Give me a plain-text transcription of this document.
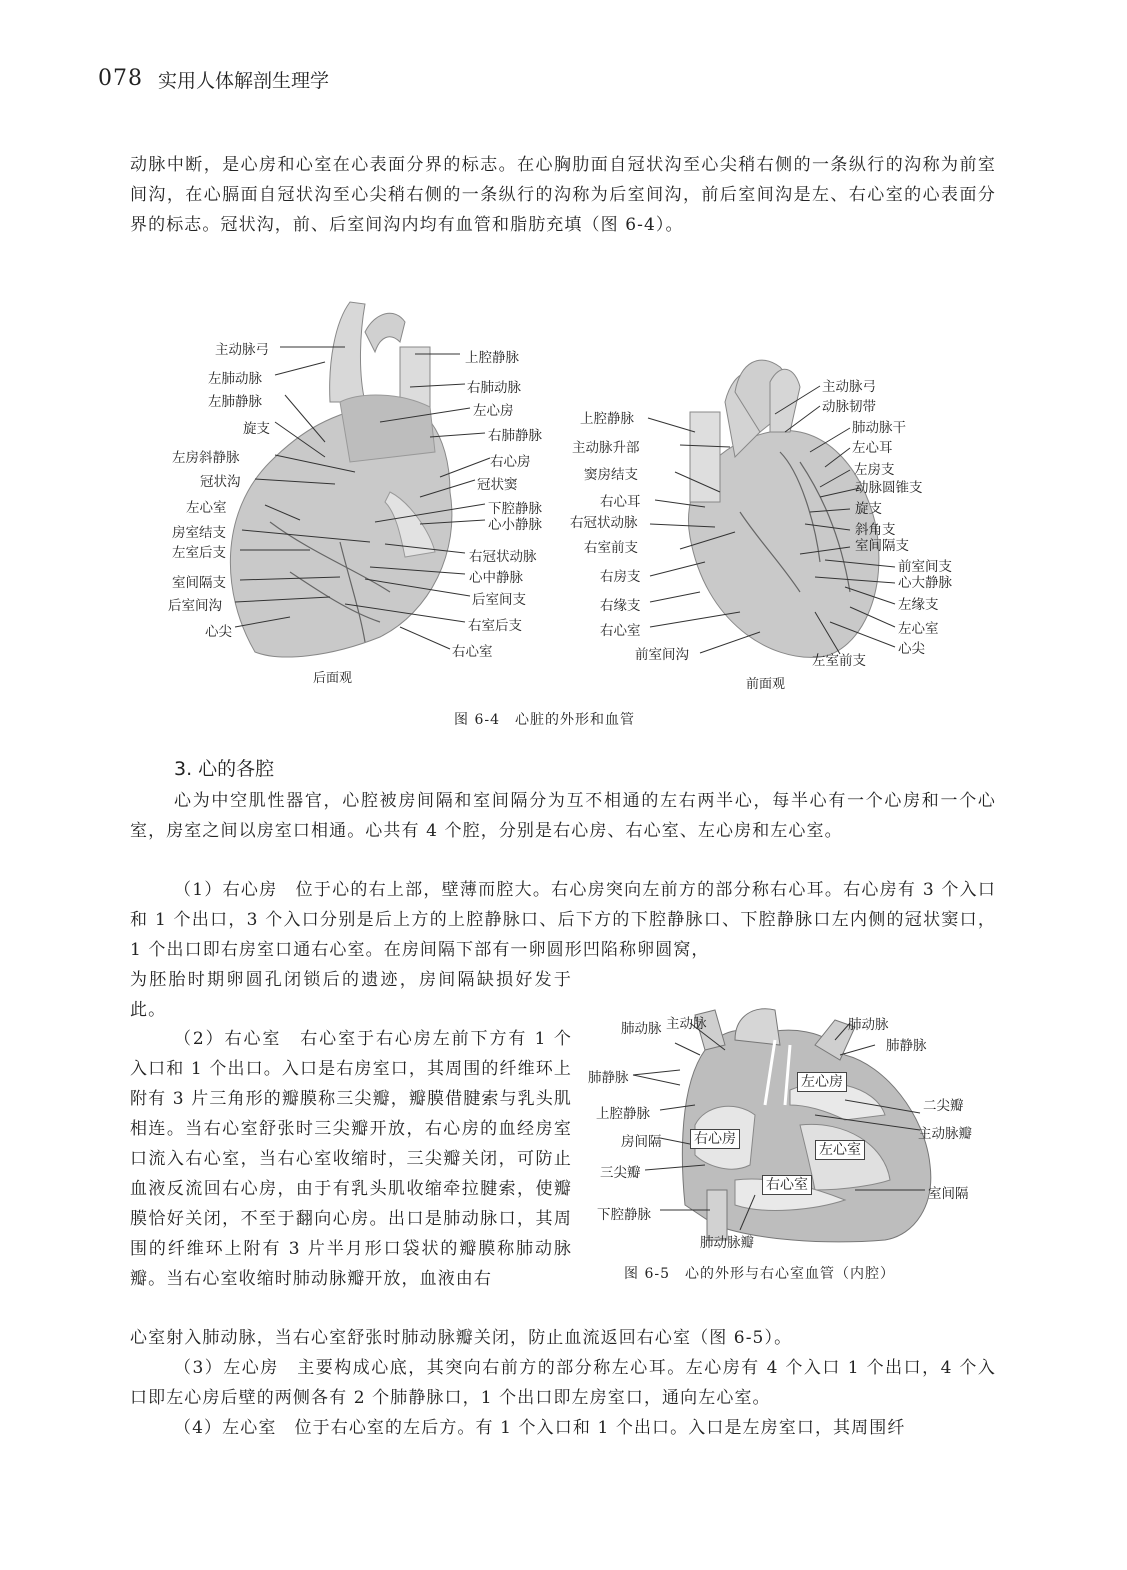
078 实用人体解剖生理学

动脉中断，是心房和心室在心表面分界的标志。在心胸肋面自冠状沟至心尖稍右侧的一条纵行的沟称为前室间沟，在心膈面自冠状沟至心尖稍右侧的一条纵行的沟称为后室间沟，前后室间沟是左、右心室的心表面分界的标志。冠状沟，前、后室间沟内均有血管和脂肪充填（图 6-4）。

主动脉弓
左肺动脉
左肺静脉
旋支
左房斜静脉
冠状沟
左心室
房室结支
左室后支
室间隔支
后室间沟
心尖
上腔静脉
右肺动脉
左心房
右肺静脉
右心房
冠状窦
下腔静脉
心小静脉
右冠状动脉
心中静脉
后室间支
右室后支
右心室
上腔静脉
主动脉升部
窦房结支
右心耳
右冠状动脉
右室前支
右房支
右缘支
右心室
前室间沟
主动脉弓
动脉韧带
肺动脉干
左心耳
左房支
动脉圆锥支
旋支
斜角支
室间隔支
前室间支
心大静脉
左缘支
左心室
心尖
左室前支
后面观	前面观
图 6-4　心脏的外形和血管
3. 心的各腔

心为中空肌性器官，心腔被房间隔和室间隔分为互不相通的左右两半心，每半心有一个心房和一个心室，房室之间以房室口相通。心共有 4 个腔，分别是右心房、右心室、左心房和左心室。

（1）右心房　位于心的右上部，壁薄而腔大。右心房突向左前方的部分称右心耳。右心房有 3 个入口和 1 个出口，3 个入口分别是后上方的上腔静脉口、后下方的下腔静脉口、下腔静脉口左内侧的冠状窦口，1 个出口即右房室口通右心室。在房间隔下部有一卵圆形凹陷称卵圆窝，

为胚胎时期卵圆孔闭锁后的遗迹，房间隔缺损好发于此。

（2）右心室　右心室于右心房左前下方有 1 个入口和 1 个出口。入口是右房室口，其周围的纤维环上附有 3 片三角形的瓣膜称三尖瓣，瓣膜借腱索与乳头肌相连。当右心室舒张时三尖瓣开放，右心房的血经房室口流入右心室，当右心室收缩时，三尖瓣关闭，可防止血液反流回右心房，由于有乳头肌收缩牵拉腱索，使瓣膜恰好关闭，不至于翻向心房。出口是肺动脉口，其周围的纤维环上附有 3 片半月形口袋状的瓣膜称肺动脉瓣。当右心室收缩时肺动脉瓣开放，血液由右

心室射入肺动脉，当右心室舒张时肺动脉瓣关闭，防止血流返回右心室（图 6-5）。

（3）左心房　主要构成心底，其突向右前方的部分称左心耳。左心房有 4 个入口 1 个出口，4 个入口即左心房后壁的两侧各有 2 个肺静脉口，1 个出口即左房室口，通向左心室。

（4）左心室　位于右心室的左后方。有 1 个入口和 1 个出口。入口是左房室口，其周围纤

主动脉
肺动脉
肺静脉
上腔静脉
房间隔
三尖瓣
下腔静脉
肺动脉
肺静脉
二尖瓣
主动脉瓣
室间隔
肺动脉瓣
左心房
右心房
左心室
右心室
图 6-5　心的外形与右心室血管（内腔）
